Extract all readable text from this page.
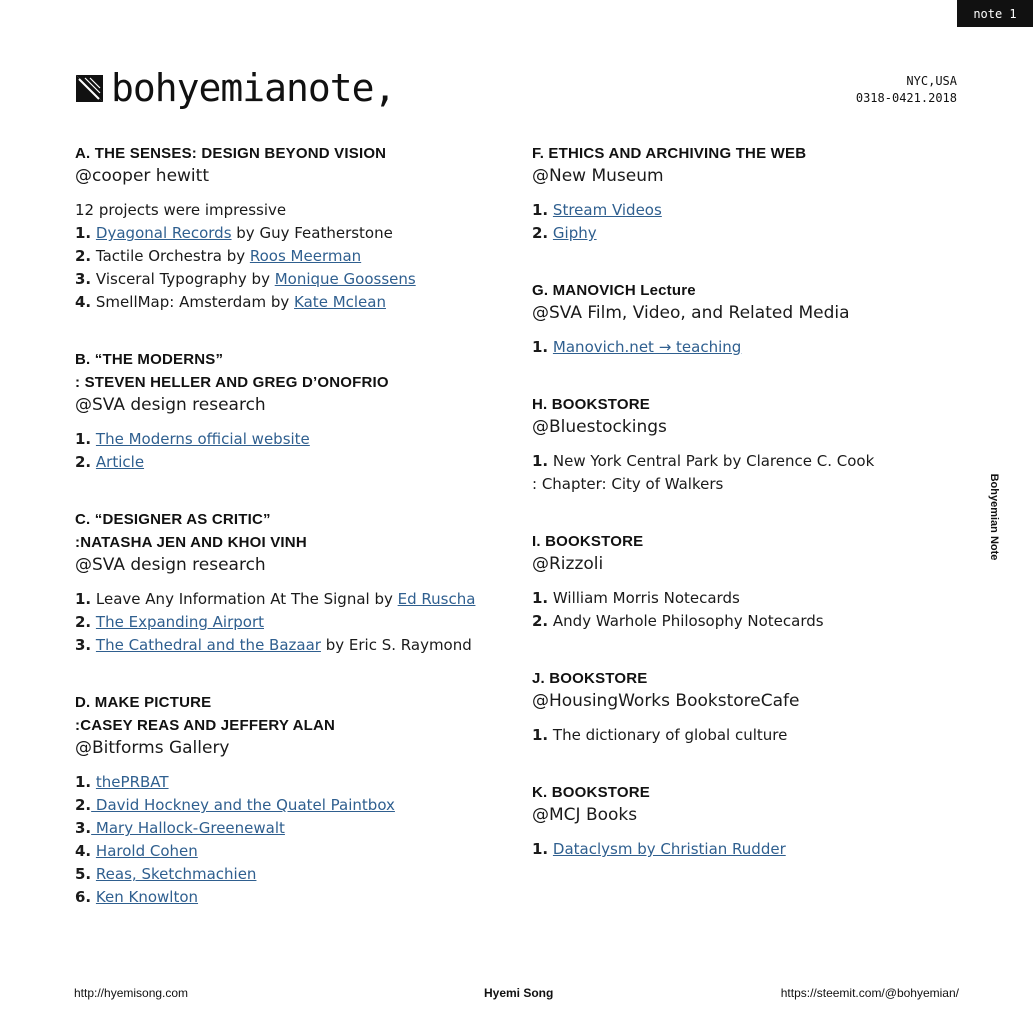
note 1
bohyemianote,	NYC,USA
0318-0421.2018
A. THE SENSES: DESIGN BEYOND VISION
@cooper hewitt
12 projects were impressive
1. Dyagonal Records by Guy Featherstone
2. Tactile Orchestra by Roos Meerman
3. Visceral Typography by Monique Goossens
4. SmellMap: Amsterdam by Kate Mclean
B. “THE MODERNS”
: STEVEN HELLER AND GREG D’ONOFRIO
@SVA design research
1. The Moderns official website
2. Article
C. “DESIGNER AS CRITIC”
:NATASHA JEN AND KHOI VINH
@SVA design research
1. Leave Any Information At The Signal by Ed Ruscha
2. The Expanding Airport
3. The Cathedral and the Bazaar by Eric S. Raymond
D. MAKE PICTURE
:CASEY REAS AND JEFFERY ALAN
@Bitforms Gallery
1. thePRBAT
2. David Hockney and the Quatel Paintbox
3. Mary Hallock-Greenewalt
4. Harold Cohen
5. Reas, Sketchmachien
6. Ken Knowlton
F. ETHICS AND ARCHIVING THE WEB
@New Museum
1. Stream Videos
2. Giphy
G. MANOVICH Lecture
@SVA Film, Video, and Related Media
1. Manovich.net → teaching
H. BOOKSTORE
@Bluestockings
1. New York Central Park by Clarence C. Cook
: Chapter: City of Walkers
I. BOOKSTORE
@Rizzoli
1. William Morris Notecards
2. Andy Warhole Philosophy Notecards
J. BOOKSTORE
@HousingWorks BookstoreCafe
1. The dictionary of global culture
K. BOOKSTORE
@MCJ Books
1. Dataclysm by Christian Rudder
Bohyemian Note
http://hyemisong.com	Hyemi Song	https://steemit.com/@bohyemian/
